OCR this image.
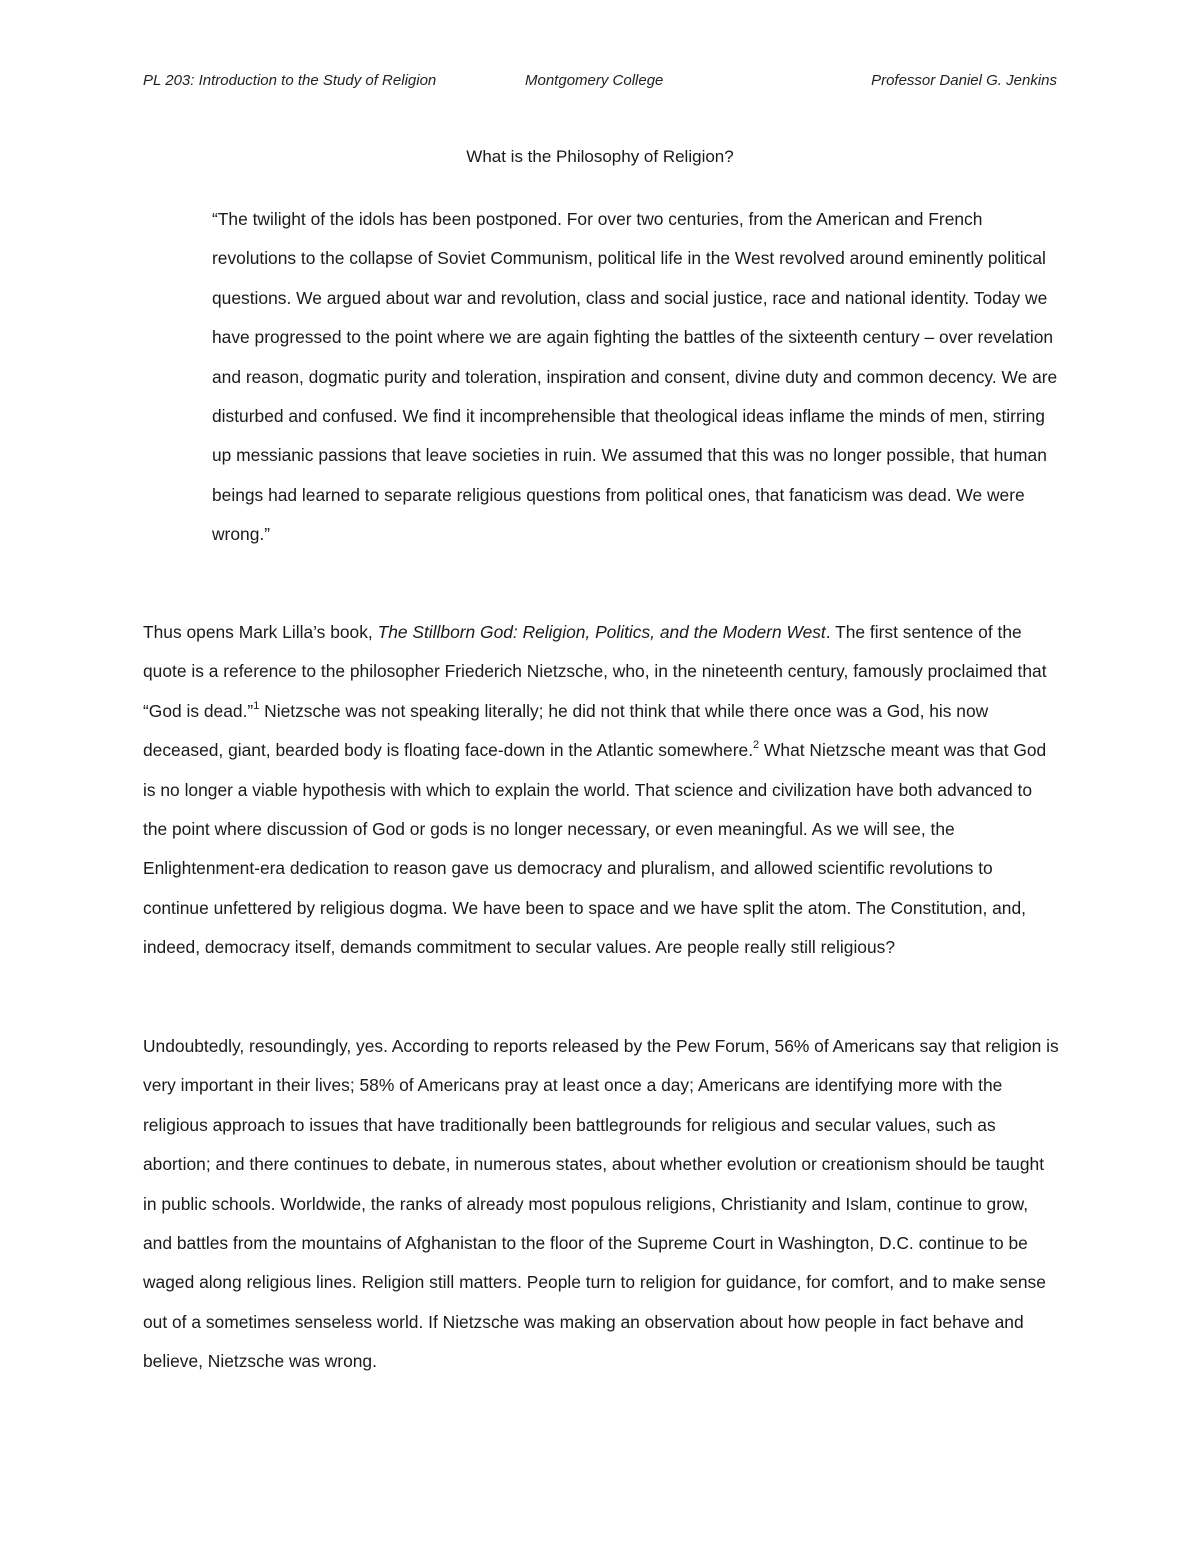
PL 203: Introduction to the Study of Religion	Montgomery College	Professor Daniel G. Jenkins
What is the Philosophy of Religion?

“The twilight of the idols has been postponed. For over two centuries, from the American and French revolutions to the collapse of Soviet Communism, political life in the West revolved around eminently political questions. We argued about war and revolution, class and social justice, race and national identity. Today we have progressed to the point where we are again fighting the battles of the sixteenth century – over revelation and reason, dogmatic purity and toleration, inspiration and consent, divine duty and common decency. We are disturbed and confused. We find it incomprehensible that theological ideas inflame the minds of men, stirring up messianic passions that leave societies in ruin. We assumed that this was no longer possible, that human beings had learned to separate religious questions from political ones, that fanaticism was dead. We were wrong.”

Thus opens Mark Lilla’s book, The Stillborn God: Religion, Politics, and the Modern West. The first sentence of the quote is a reference to the philosopher Friederich Nietzsche, who, in the nineteenth century, famously proclaimed that “God is dead.”$^1$ Nietzsche was not speaking literally; he did not think that while there once was a God, his now deceased, giant, bearded body is floating face-down in the Atlantic somewhere.$^2$ What Nietzsche meant was that God is no longer a viable hypothesis with which to explain the world. That science and civilization have both advanced to the point where discussion of God or gods is no longer necessary, or even meaningful. As we will see, the Enlightenment-era dedication to reason gave us democracy and pluralism, and allowed scientific revolutions to continue unfettered by religious dogma. We have been to space and we have split the atom. The Constitution, and, indeed, democracy itself, demands commitment to secular values. Are people really still religious?

Undoubtedly, resoundingly, yes. According to reports released by the Pew Forum, 56% of Americans say that religion is very important in their lives; 58% of Americans pray at least once a day; Americans are identifying more with the religious approach to issues that have traditionally been battlegrounds for religious and secular values, such as abortion; and there continues to debate, in numerous states, about whether evolution or creationism should be taught in public schools. Worldwide, the ranks of already most populous religions, Christianity and Islam, continue to grow, and battles from the mountains of Afghanistan to the floor of the Supreme Court in Washington, D.C. continue to be waged along religious lines. Religion still matters. People turn to religion for guidance, for comfort, and to make sense out of a sometimes senseless world. If Nietzsche was making an observation about how people in fact behave and believe, Nietzsche was wrong.
